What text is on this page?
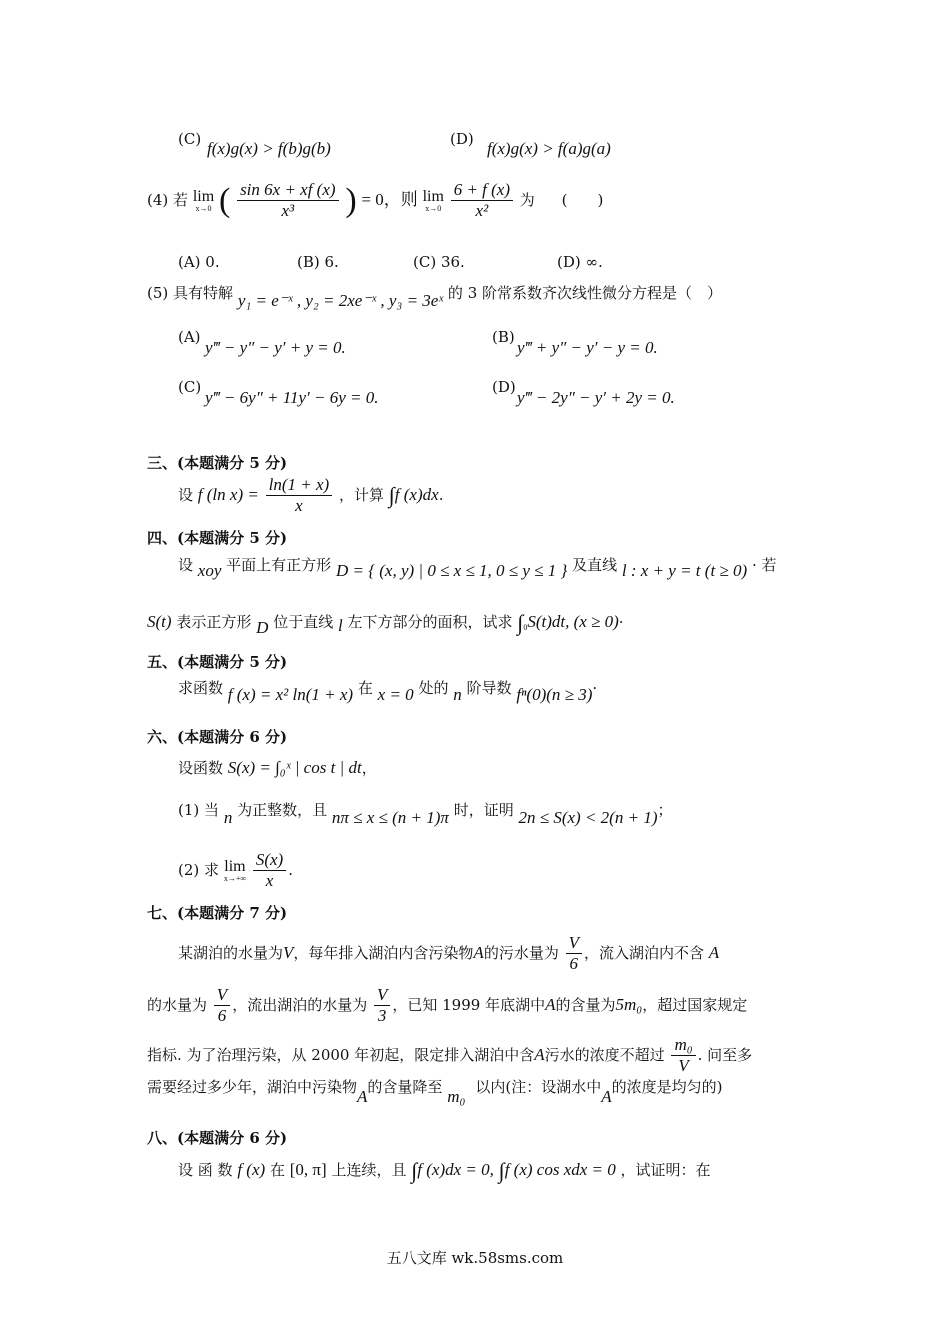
(C) f(x)g(x) > f(b)g(b)	(D) f(x)g(x) > f(a)g(a)
(4) 若 lim
x→0 ( $\frac{\sin 6x + xf (x)}{\text{x³}}$ ) = 0，则 lim
x→0
$\frac{6 + f (x)}{\text{x²}}$ 为 (　　)
(A) 0.	(B) 6.	(C) 36.	(D) ∞.
(5) 具有特解 y₁ = e⁻ˣ , y₂ = 2xe⁻ˣ , y₃ = 3eˣ 的 3 阶常系数齐次线性微分方程是（　）
(A)
y‴ − y″ − y′ + y = 0.
(B)
y‴ + y″ − y′ − y = 0.
(C)
y‴ − 6y″ + 11y′ − 6y = 0.
(D)
y‴ − 2y″ − y′ + 2y = 0.
三、(本题满分 5 分)
设 f (ln $x) = \frac{\ln(1 + x)}{x}$ ，计算 ∫f (x)dx.
四、(本题满分 5 分)
设 xoy 平面上有正方形 D = { (x, y) | 0 ≤ x ≤ 1, 0 ≤ y ≤ 1 } 及直线 l : x + y = t (t ≥ 0) · 若
S(t) 表示正方形 D 位于直线 l 左下方部分的面积，试求 ∫0S(t)dt, (x ≥ 0)·
五、(本题满分 5 分)
求函数 f (x) = x² ln(1 + x) 在 x = 0 处的 n 阶导数 fⁿ(0)(n ≥ 3)·
六、(本题满分 6 分)
设函数 S(x) = ∫₀ˣ | cos t | dt，
(1) 当 n 为正整数，且 nπ ≤ x ≤ (n + 1)π 时，证明 2n ≤ S(x) < 2(n + 1)；
(2) 求 lim
x→+∞
$\frac{S(x)}{x}$ .
七、(本题满分 7 分)
某湖泊的水量为V，每年排入湖泊内含污染物A的污水量为 $\frac{V}{6}$ ，流入湖泊内不含 A
的水量为 $\frac{V}{6}$ ，流出湖泊的水量为 $\frac{V}{3}$ ，已知 1999 年底湖中A的含量为5m₀，超过国家规定
指标. 为了治理污染，从 2000 年初起，限定排入湖泊中含A污水的浓度不超过 $\frac{\text{m₀}}{V}$ . 问至多
需要经过多少年，湖泊中污染物A的含量降至 m₀ 以内(注：设湖水中A的浓度是均匀的)
八、(本题满分 6 分)
设 函 数 f (x) 在 [0, π] 上连续，且 ∫f (x)dx = 0, ∫f (x) cos xdx = 0 ，试证明：在
五八文库 wk.58sms.com
